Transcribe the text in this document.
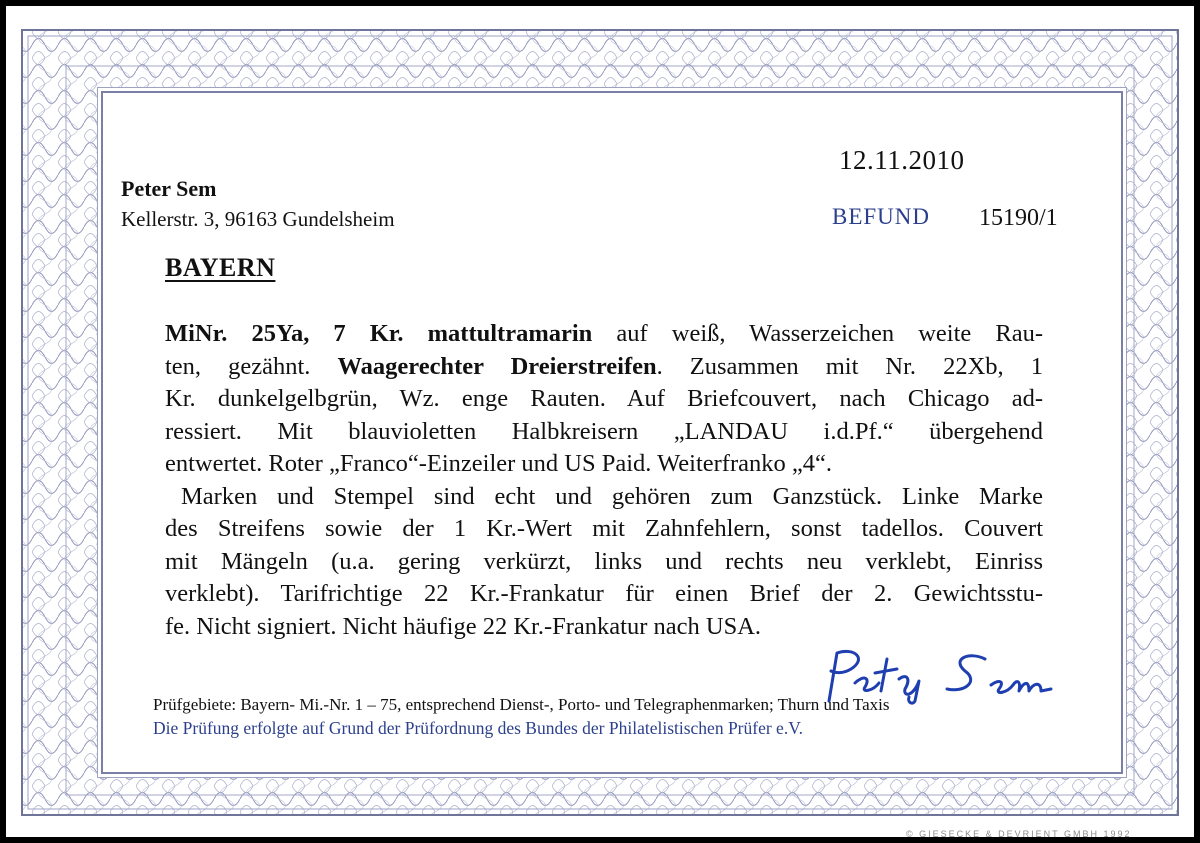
12.11.2010
Peter Sem
Kellerstr. 3, 96163 Gundelsheim	BEFUND 15190/1
BAYERN
MiNr. 25Ya, 7 Kr. mattultramarin auf weiß, Wasserzeichen weite Rau-
ten, gezähnt. Waagerechter Dreierstreifen. Zusammen mit Nr. 22Xb, 1
Kr. dunkelgelbgrün, Wz. enge Rauten. Auf Briefcouvert, nach Chicago ad-
ressiert. Mit blauvioletten Halbkreisern „LANDAU i.d.Pf.“ übergehend
entwertet. Roter „Franco“-Einzeiler und US Paid. Weiterfranko „4“.
Marken und Stempel sind echt und gehören zum Ganzstück. Linke Marke
des Streifens sowie der 1 Kr.-Wert mit Zahnfehlern, sonst tadellos. Couvert
mit Mängeln (u.a. gering verkürzt, links und rechts neu verklebt, Einriss
verklebt). Tarifrichtige 22 Kr.-Frankatur für einen Brief der 2. Gewichtsstu-
fe. Nicht signiert. Nicht häufige 22 Kr.-Frankatur nach USA.
Prüfgebiete: Bayern- Mi.-Nr. 1 – 75, entsprechend Dienst-, Porto- und Telegraphenmarken; Thurn und Taxis
Die Prüfung erfolgte auf Grund der Prüfordnung des Bundes der Philatelistischen Prüfer e.V.
© GIESECKE & DEVRIENT GMBH 1992
